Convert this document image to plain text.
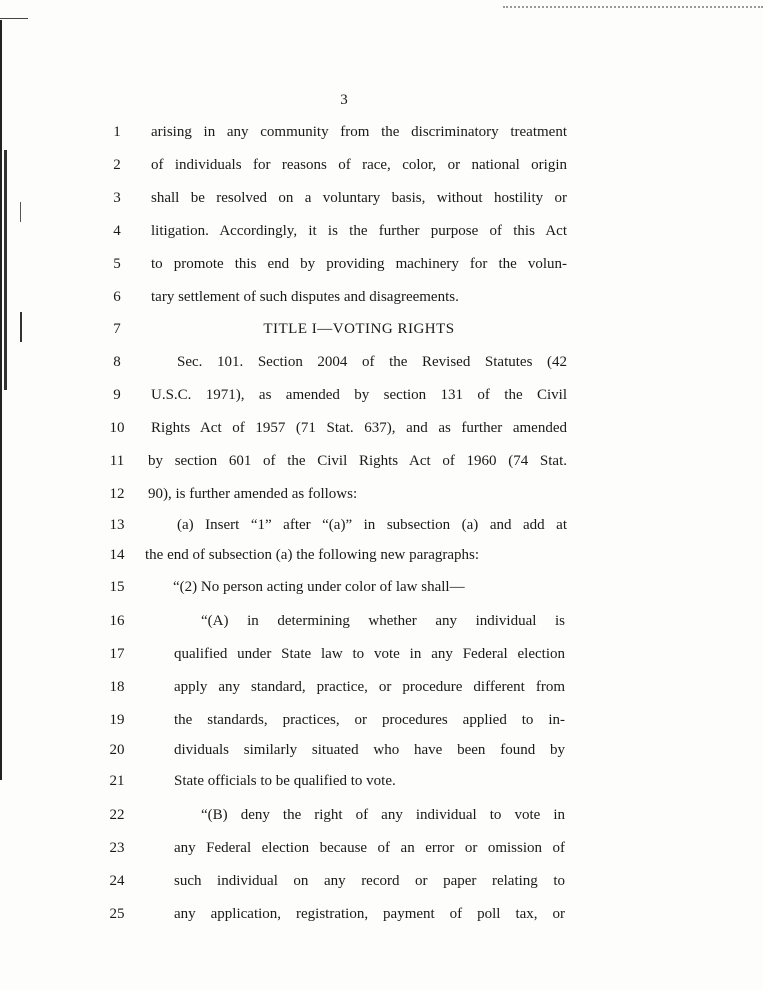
3
1	arising in any community from the discriminatory treatment
2	of individuals for reasons of race, color, or national origin
3	shall be resolved on a voluntary basis, without hostility or
4	litigation. Accordingly, it is the further purpose of this Act
5	to promote this end by providing machinery for the volun-
6	tary settlement of such disputes and disagreements.
7	TITLE I—VOTING RIGHTS
8	Sec. 101. Section 2004 of the Revised Statutes (42
9	U.S.C. 1971), as amended by section 131 of the Civil
10	Rights Act of 1957 (71 Stat. 637), and as further amended
11	by section 601 of the Civil Rights Act of 1960 (74 Stat.
12	90), is further amended as follows:
13	(a) Insert “1” after “(a)” in subsection (a) and add at
14	the end of subsection (a) the following new paragraphs:
15	“(2) No person acting under color of law shall—
16	“(A) in determining whether any individual is
17	qualified under State law to vote in any Federal election
18	apply any standard, practice, or procedure different from
19	the standards, practices, or procedures applied to in-
20	dividuals similarly situated who have been found by
21	State officials to be qualified to vote.
22	“(B) deny the right of any individual to vote in
23	any Federal election because of an error or omission of
24	such individual on any record or paper relating to
25	any application, registration, payment of poll tax, or
